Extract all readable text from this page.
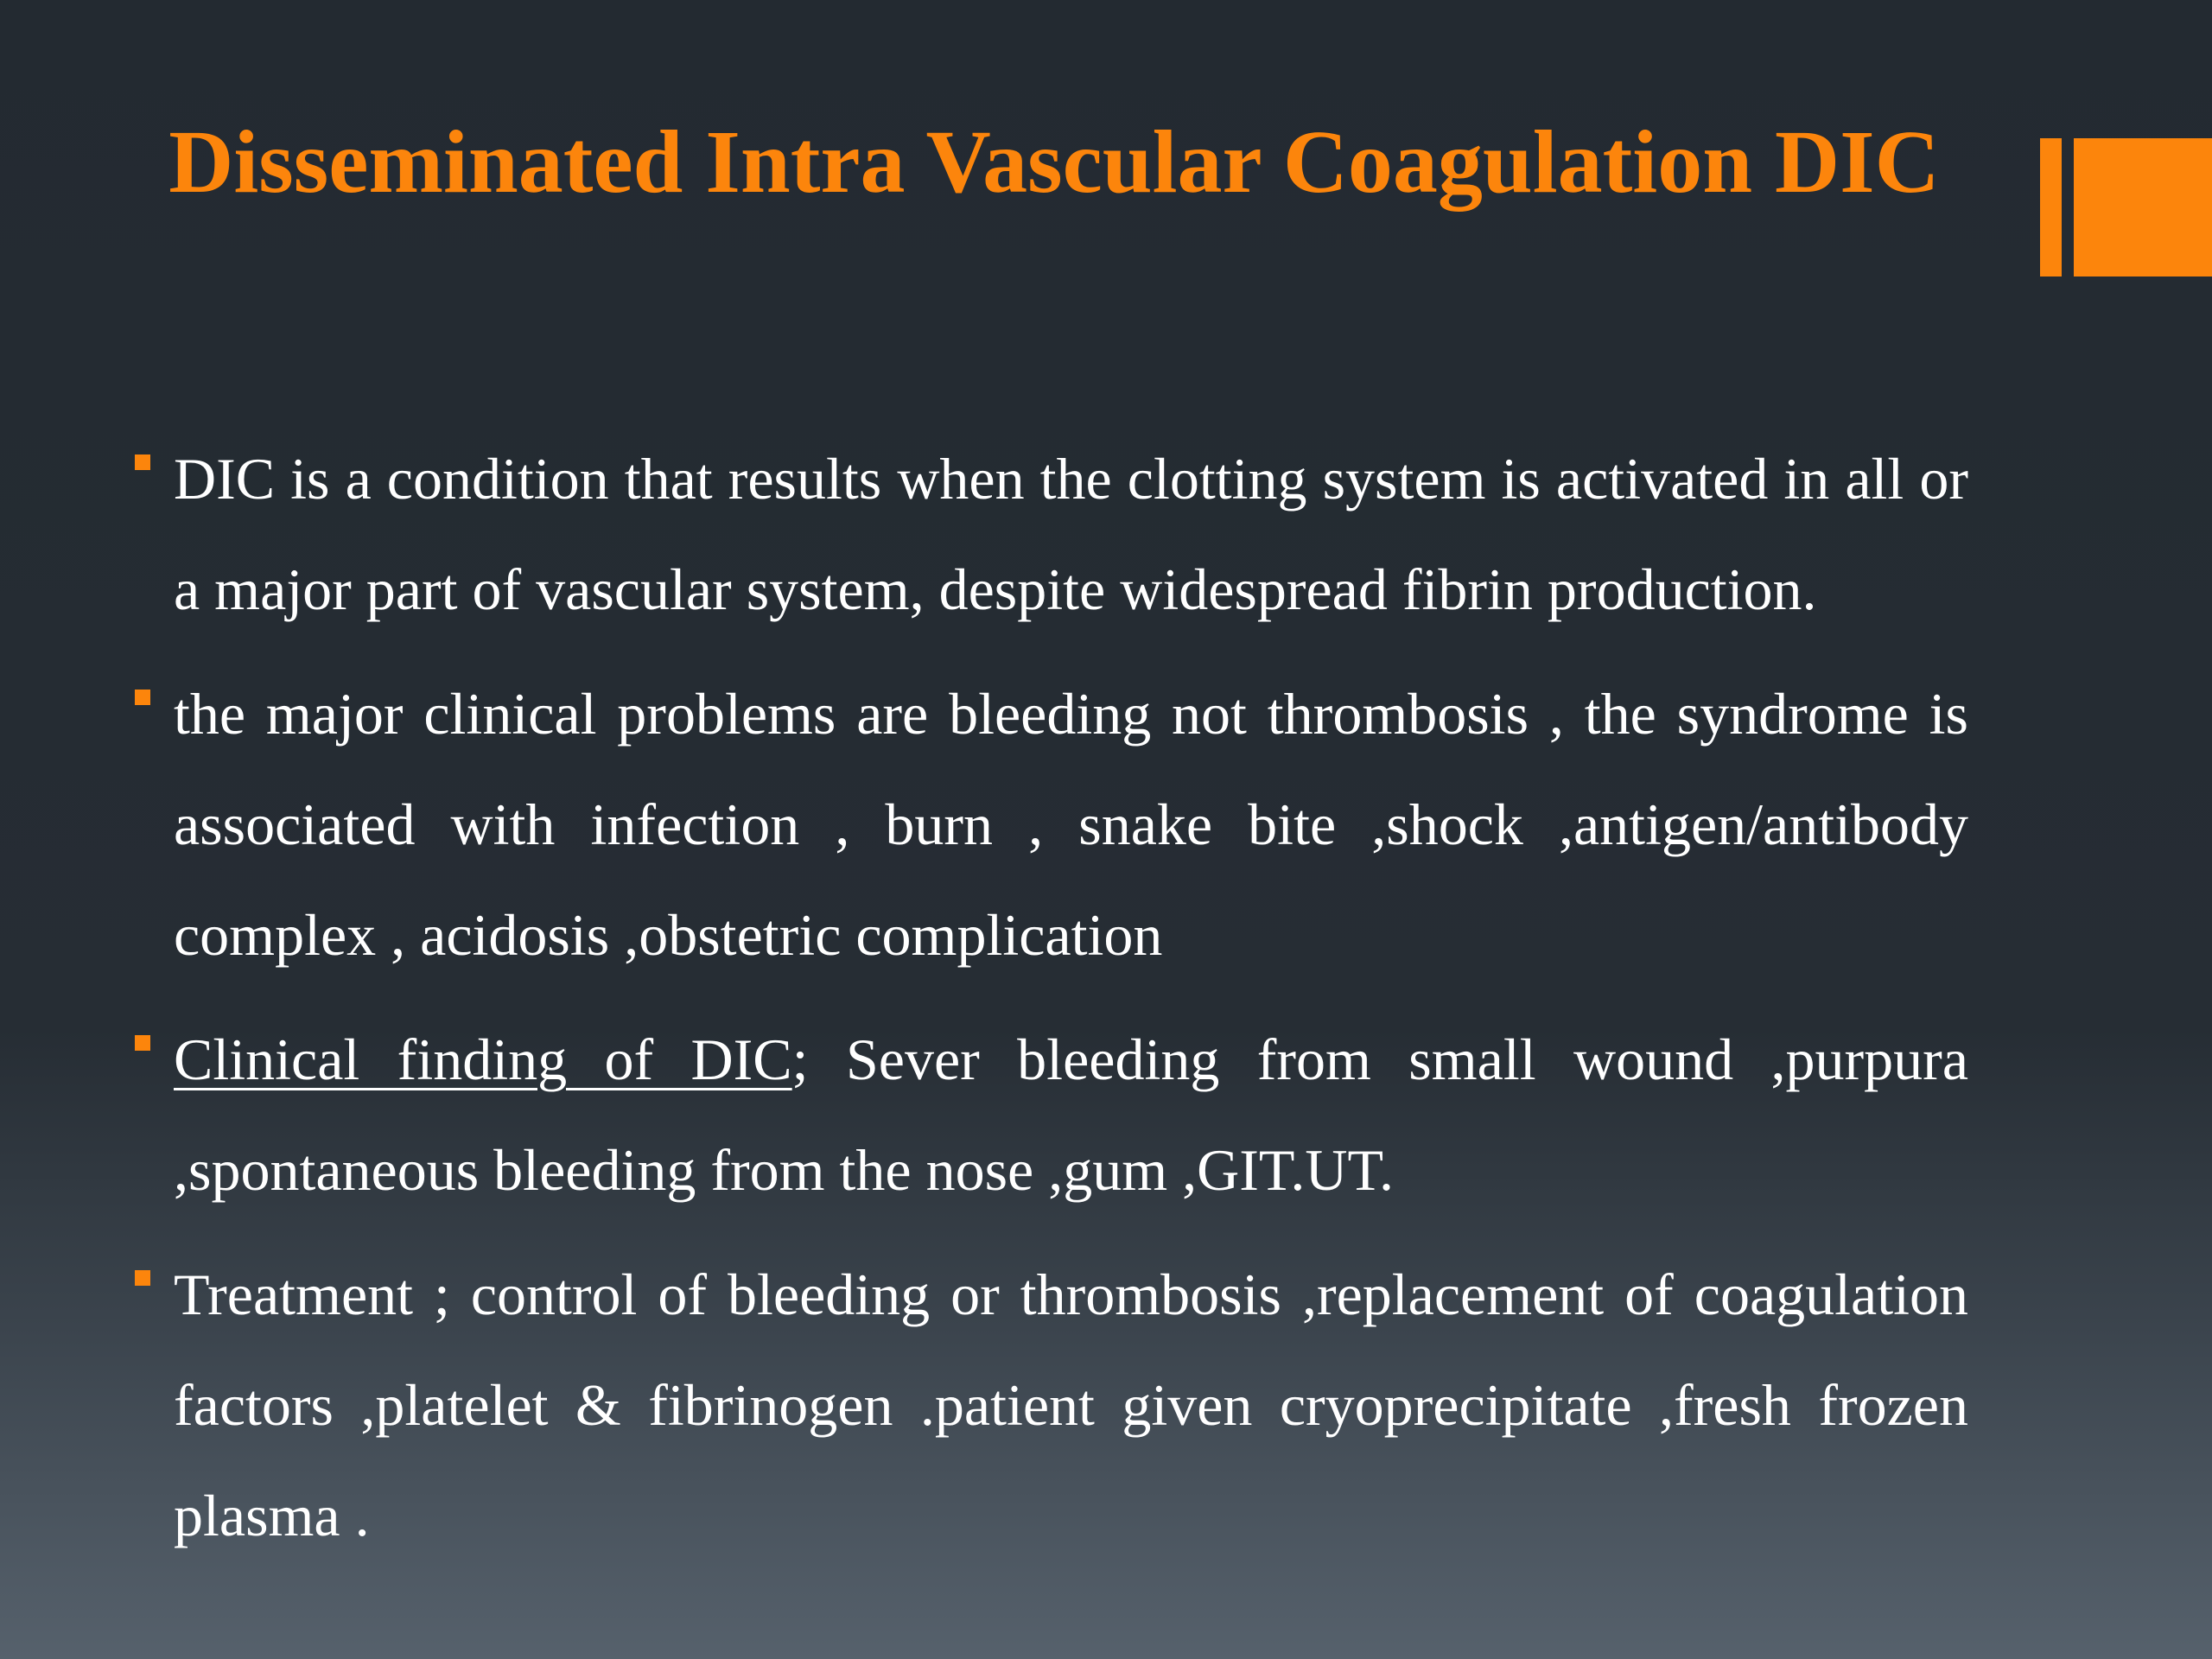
Disseminated Intra Vascular Coagulation DIC
DIC is a condition that results when the clotting system is activated in all or a major part of vascular system, despite widespread fibrin production.
the major clinical problems are bleeding not thrombosis , the syndrome is associated with infection , burn , snake bite ,shock ,antigen/antibody complex , acidosis ,obstetric complication
Clinical finding of DIC; Sever bleeding from small wound ,purpura ,spontaneous bleeding from the nose ,gum ,GIT.UT.
Treatment ; control of bleeding or thrombosis ,replacement of coagulation factors ,platelet & fibrinogen .patient given cryoprecipitate ,fresh frozen plasma .
